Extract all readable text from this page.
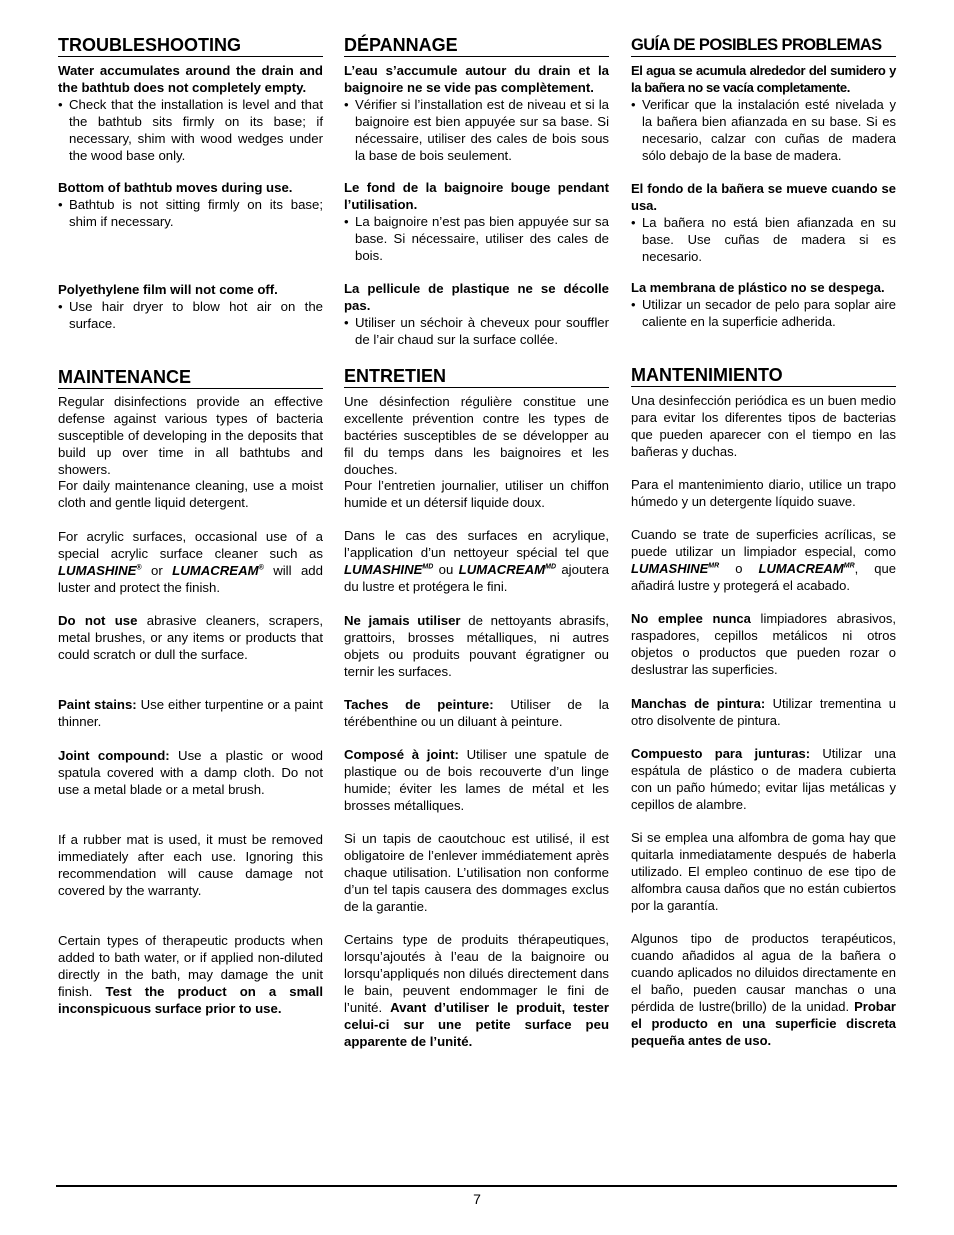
TROUBLESHOOTING
Water accumulates around the drain and the bathtub does not completely empty.
• Check that the installation is level and that the bathtub sits firmly on its base; if necessary, shim with wood wedges under the wood base only.
Bottom of bathtub moves during use.
• Bathtub is not sitting firmly on its base; shim if necessary.
Polyethylene film will not come off.
• Use hair dryer to blow hot air on the surface.
MAINTENANCE
Regular disinfections provide an effective defense against various types of bacteria susceptible of developing in the deposits that build up over time in all bathtubs and showers.
For daily maintenance cleaning, use a moist cloth and gentle liquid detergent.
For acrylic surfaces, occasional use of a special acrylic surface cleaner such as LUMASHINE® or LUMACREAM® will add luster and protect the finish.
Do not use abrasive cleaners, scrapers, metal brushes, or any items or products that could scratch or dull the surface.
Paint stains: Use either turpentine or a paint thinner.
Joint compound: Use a plastic or wood spatula covered with a damp cloth. Do not use a metal blade or a metal brush.
If a rubber mat is used, it must be removed immediately after each use. Ignoring this recommendation will cause damage not covered by the warranty.
Certain types of therapeutic products when added to bath water, or if applied non-diluted directly in the bath, may damage the unit finish. Test the product on a small inconspicuous surface prior to use.
DÉPANNAGE
L’eau s’accumule autour du drain et la baignoire ne se vide pas complètement.
• Vérifier si l’installation est de niveau et si la baignoire est bien appuyée sur sa base. Si nécessaire, utiliser des cales de bois sous la base de bois seulement.
Le fond de la baignoire bouge pendant l’utilisation.
• La baignoire n’est pas bien appuyée sur sa base. Si nécessaire, utiliser des cales de bois.
La pellicule de plastique ne se décolle pas.
• Utiliser un séchoir à cheveux pour souffler de l’air chaud sur la surface collée.
ENTRETIEN
Une désinfection régulière constitue une excellente prévention contre les types de bactéries susceptibles de se développer au fil du temps dans les baignoires et les douches.
Pour l’entretien journalier, utiliser un chiffon humide et un détersif liquide doux.
Dans le cas des surfaces en acrylique, l’application d’un nettoyeur spécial tel que $LUMASHINE^{MD}$ ou $LUMACREAM^{MD}$ ajoutera du lustre et protégera le fini.
Ne jamais utiliser de nettoyants abrasifs, grattoirs, brosses métalliques, ni autres objets ou produits pouvant égratigner ou ternir les surfaces.
Taches de peinture: Utiliser de la térébenthine ou un diluant à peinture.
Composé à joint: Utiliser une spatule de plastique ou de bois recouverte d’un linge humide; éviter les lames de métal et les brosses métalliques.
Si un tapis de caoutchouc est utilisé, il est obligatoire de l’enlever immédiatement après chaque utilisation. L’utilisation non conforme d’un tel tapis causera des dommages exclus de la garantie.
Certains type de produits thérapeutiques, lorsqu’ajoutés à l’eau de la baignoire ou lorsqu’appliqués non dilués directement dans le bain, peuvent endommager le fini de l’unité. Avant d’utiliser le produit, tester celui-ci sur une petite surface peu apparente de l’unité.
GUÍA DE POSIBLES PROBLEMAS
El agua se acumula alrededor del sumidero y la bañera no se vacía completamente.
• Verificar que la instalación esté nivelada y la bañera bien afianzada en su base. Si es necesario, calzar con cuñas de madera sólo debajo de la base de madera.
El fondo de la bañera se mueve cuando se usa.
• La bañera no está bien afianzada en su base. Use cuñas de madera si es necesario.
La membrana de plástico no se despega.
• Utilizar un secador de pelo para soplar aire caliente en la superficie adherida.
MANTENIMIENTO
Una desinfección periódica es un buen medio para evitar los diferentes tipos de bacterias que pueden aparecer con el tiempo en las bañeras y duchas.
Para el mantenimiento diario, utilice un trapo húmedo y un detergente líquido suave.
Cuando se trate de superficies acrílicas, se puede utilizar un limpiador especial, como $LUMASHINE^{MR}$ o $LUMACREAM^{MR}$, que añadirá lustre y protegerá el acabado.
No emplee nunca limpiadores abrasivos, raspadores, cepillos metálicos ni otros objetos o productos que pueden rozar o deslustrar las superficies.
Manchas de pintura: Utilizar trementina u otro disolvente de pintura.
Compuesto para junturas: Utilizar una espátula de plástico o de madera cubierta con un paño húmedo; evitar lijas metálicas y cepillos de alambre.
Si se emplea una alfombra de goma hay que quitarla inmediatamente después de haberla utilizado. El empleo continuo de ese tipo de alfombra causa daños que no están cubiertos por la garantía.
Algunos tipo de productos terapéuticos, cuando añadidos al agua de la bañera o cuando aplicados no diluidos directamente en el baño, pueden causar manchas o una pérdida de lustre(brillo) de la unidad. Probar el producto en una superficie discreta pequeña antes de uso.
7
